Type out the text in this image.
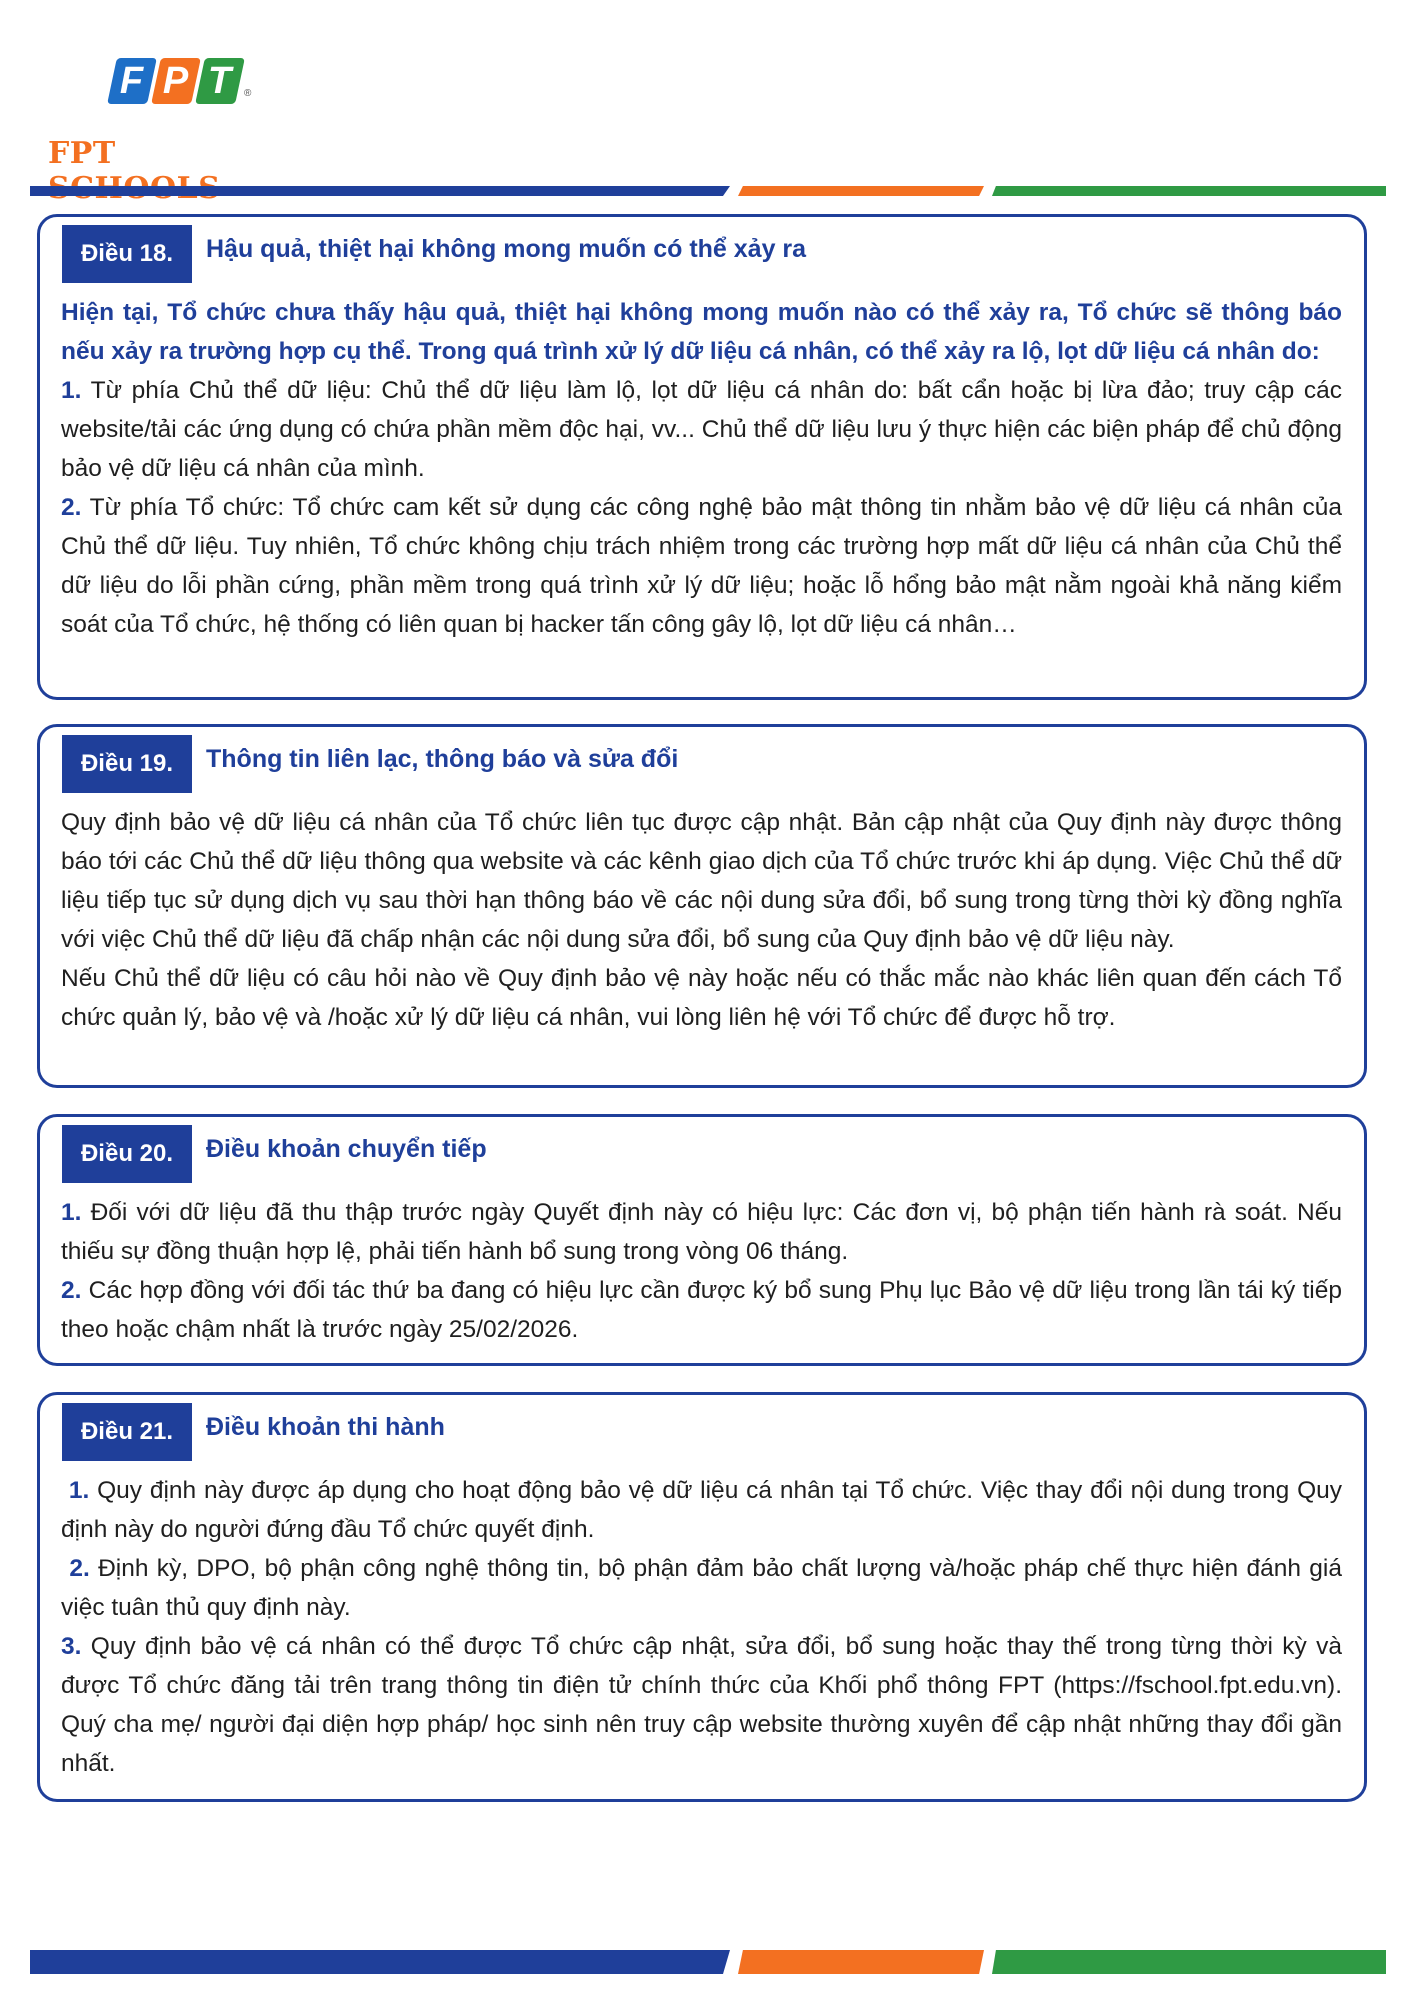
F P T ®
FPT
Điều 18.	Hậu quả, thiệt hại không mong muốn có thể xảy ra

Hiện tại, Tổ chức chưa thấy hậu quả, thiệt hại không mong muốn nào có thể xảy ra, Tổ chức sẽ thông báo nếu xảy ra trường hợp cụ thể. Trong quá trình xử lý dữ liệu cá nhân, có thể xảy ra lộ, lọt dữ liệu cá nhân do:

1. Từ phía Chủ thể dữ liệu: Chủ thể dữ liệu làm lộ, lọt dữ liệu cá nhân do: bất cẩn hoặc bị lừa đảo; truy cập các website/tải các ứng dụng có chứa phần mềm độc hại, vv... Chủ thể dữ liệu lưu ý thực hiện các biện pháp để chủ động bảo vệ dữ liệu cá nhân của mình.

2. Từ phía Tổ chức: Tổ chức cam kết sử dụng các công nghệ bảo mật thông tin nhằm bảo vệ dữ liệu cá nhân của Chủ thể dữ liệu. Tuy nhiên, Tổ chức không chịu trách nhiệm trong các trường hợp mất dữ liệu cá nhân của Chủ thể dữ liệu do lỗi phần cứng, phần mềm trong quá trình xử lý dữ liệu; hoặc lỗ hổng bảo mật nằm ngoài khả năng kiểm soát của Tổ chức, hệ thống có liên quan bị hacker tấn công gây lộ, lọt dữ liệu cá nhân…

Điều 19.	Thông tin liên lạc, thông báo và sửa đổi

Quy định bảo vệ dữ liệu cá nhân của Tổ chức liên tục được cập nhật. Bản cập nhật của Quy định này được thông báo tới các Chủ thể dữ liệu thông qua website và các kênh giao dịch của Tổ chức trước khi áp dụng. Việc Chủ thể dữ liệu tiếp tục sử dụng dịch vụ sau thời hạn thông báo về các nội dung sửa đổi, bổ sung trong từng thời kỳ đồng nghĩa với việc Chủ thể dữ liệu đã chấp nhận các nội dung sửa đổi, bổ sung của Quy định bảo vệ dữ liệu này.

Nếu Chủ thể dữ liệu có câu hỏi nào về Quy định bảo vệ này hoặc nếu có thắc mắc nào khác liên quan đến cách Tổ chức quản lý, bảo vệ và /hoặc xử lý dữ liệu cá nhân, vui lòng liên hệ với Tổ chức để được hỗ trợ.

Điều 20.	Điều khoản chuyển tiếp

1. Đối với dữ liệu đã thu thập trước ngày Quyết định này có hiệu lực: Các đơn vị, bộ phận tiến hành rà soát. Nếu thiếu sự đồng thuận hợp lệ, phải tiến hành bổ sung trong vòng 06 tháng.

2. Các hợp đồng với đối tác thứ ba đang có hiệu lực cần được ký bổ sung Phụ lục Bảo vệ dữ liệu trong lần tái ký tiếp theo hoặc chậm nhất là trước ngày 25/02/2026.

Điều 21.	Điều khoản thi hành

1. Quy định này được áp dụng cho hoạt động bảo vệ dữ liệu cá nhân tại Tổ chức. Việc thay đổi nội dung trong Quy định này do người đứng đầu Tổ chức quyết định.

2. Định kỳ, DPO, bộ phận công nghệ thông tin, bộ phận đảm bảo chất lượng và/hoặc pháp chế thực hiện đánh giá việc tuân thủ quy định này.

3. Quy định bảo vệ cá nhân có thể được Tổ chức cập nhật, sửa đổi, bổ sung hoặc thay thế trong từng thời kỳ và được Tổ chức đăng tải trên trang thông tin điện tử chính thức của Khối phổ thông FPT (https://fschool.fpt.edu.vn). Quý cha mẹ/ người đại diện hợp pháp/ học sinh nên truy cập website thường xuyên để cập nhật những thay đổi gần nhất.
